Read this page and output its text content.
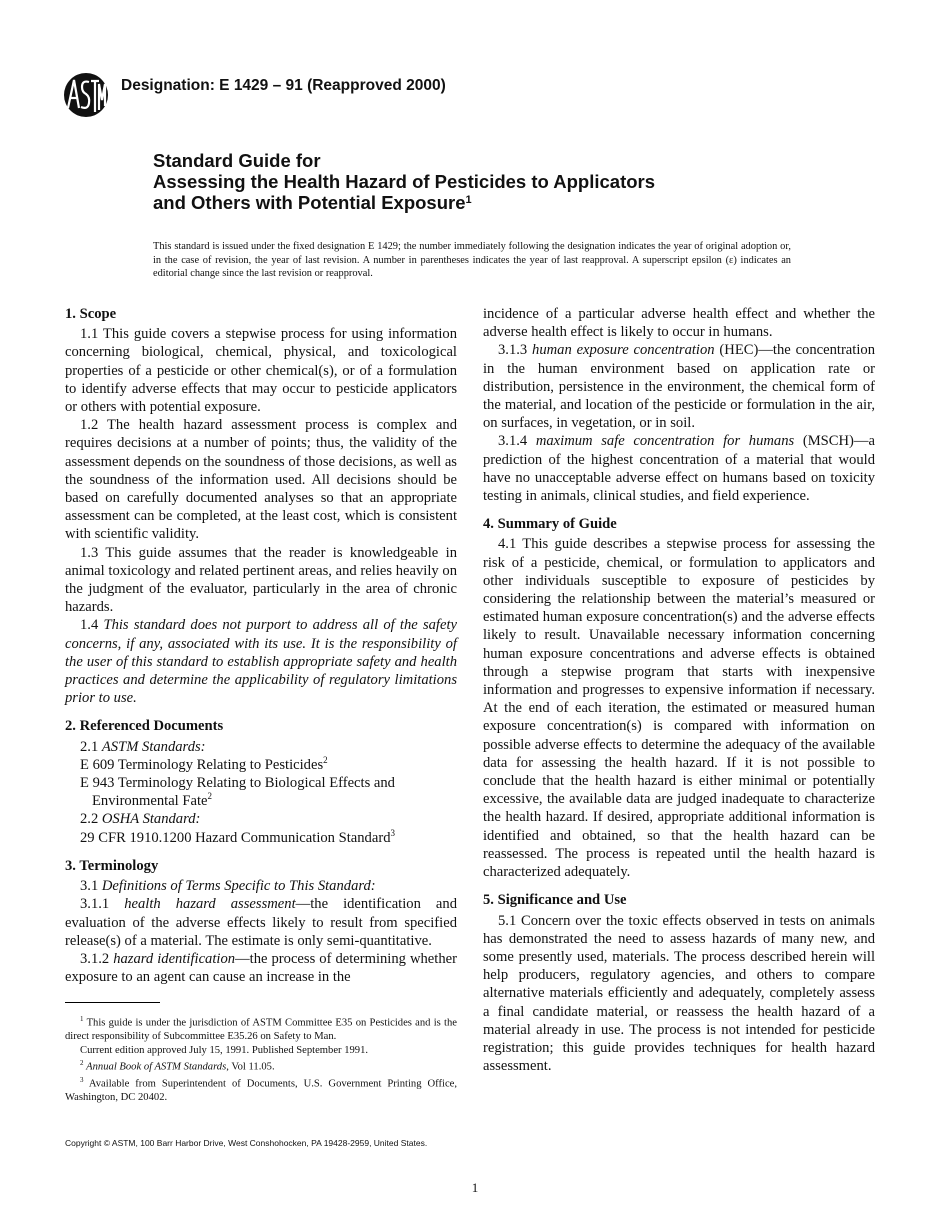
Designation: E 1429 – 91 (Reapproved 2000)
Standard Guide for
Assessing the Health Hazard of Pesticides to Applicators
and Others with Potential Exposure$^1$
This standard is issued under the fixed designation E 1429; the number immediately following the designation indicates the year of original adoption or, in the case of revision, the year of last revision. A number in parentheses indicates the year of last reapproval. A superscript epsilon (ε) indicates an editorial change since the last revision or reapproval.
1. Scope

1.1 This guide covers a stepwise process for using information concerning biological, chemical, physical, and toxicological properties of a pesticide or other chemical(s), or of a formulation to identify adverse effects that may occur to pesticide applicators or others with potential exposure.

1.2 The health hazard assessment process is complex and requires decisions at a number of points; thus, the validity of the assessment depends on the soundness of those decisions, as well as the soundness of the information used. All decisions should be based on carefully documented analyses so that an appropriate assessment can be completed, at the least cost, which is consistent with scientific validity.

1.3 This guide assumes that the reader is knowledgeable in animal toxicology and related pertinent areas, and relies heavily on the judgment of the evaluator, particularly in the area of chronic hazards.

1.4 This standard does not purport to address all of the safety concerns, if any, associated with its use. It is the responsibility of the user of this standard to establish appropriate safety and health practices and determine the applicability of regulatory limitations prior to use.

2. Referenced Documents

2.1 ASTM Standards:

E 609 Terminology Relating to Pesticides$^2$

E 943 Terminology Relating to Biological Effects and Environmental Fate$^2$

2.2 OSHA Standard:

29 CFR 1910.1200 Hazard Communication Standard$^3$

3. Terminology

3.1 Definitions of Terms Specific to This Standard:

3.1.1 health hazard assessment—the identification and evaluation of the adverse effects likely to result from specified release(s) of a material. The estimate is only semi-quantitative.

3.1.2 hazard identification—the process of determining whether exposure to an agent can cause an increase in the

incidence of a particular adverse health effect and whether the adverse health effect is likely to occur in humans.

3.1.3 human exposure concentration (HEC)—the concentration in the human environment based on application rate or distribution, persistence in the environment, the chemical form of the material, and location of the pesticide or formulation in the air, on surfaces, in vegetation, or in soil.

3.1.4 maximum safe concentration for humans (MSCH)—a prediction of the highest concentration of a material that would have no unacceptable adverse effect on humans based on toxicity testing in animals, clinical studies, and field experience.

4. Summary of Guide

4.1 This guide describes a stepwise process for assessing the risk of a pesticide, chemical, or formulation to applicators and other individuals susceptible to exposure of pesticides by considering the relationship between the material’s measured or estimated human exposure concentration(s) and the adverse effects likely to result. Unavailable necessary information concerning human exposure concentrations and adverse effects is obtained through a stepwise program that starts with inexpensive information and progresses to expensive information if necessary. At the end of each iteration, the estimated or measured human exposure concentration(s) is compared with information on possible adverse effects to determine the adequacy of the available data for assessing the health hazard. If it is not possible to conclude that the health hazard is either minimal or potentially excessive, the available data are judged inadequate to characterize the health hazard. If desired, appropriate additional information is identified and obtained, so that the health hazard can be reassessed. The process is repeated until the health hazard is characterized adequately.

5. Significance and Use

5.1 Concern over the toxic effects observed in tests on animals has demonstrated the need to assess hazards of many new, and some presently used, materials. The process described herein will help producers, regulatory agencies, and others to compare alternative materials efficiently and adequately, completely assess a final candidate material, or reassess the health hazard of a material already in use. The process is not intended for pesticide registration; this guide provides techniques for health hazard assessment.

$^1$ This guide is under the jurisdiction of ASTM Committee E35 on Pesticides and is the direct responsibility of Subcommittee E35.26 on Safety to Man.

Current edition approved July 15, 1991. Published September 1991.

$^2$ Annual Book of ASTM Standards, Vol 11.05.

$^3$ Available from Superintendent of Documents, U.S. Government Printing Office, Washington, DC 20402.

Copyright © ASTM, 100 Barr Harbor Drive, West Conshohocken, PA 19428-2959, United States.
1
